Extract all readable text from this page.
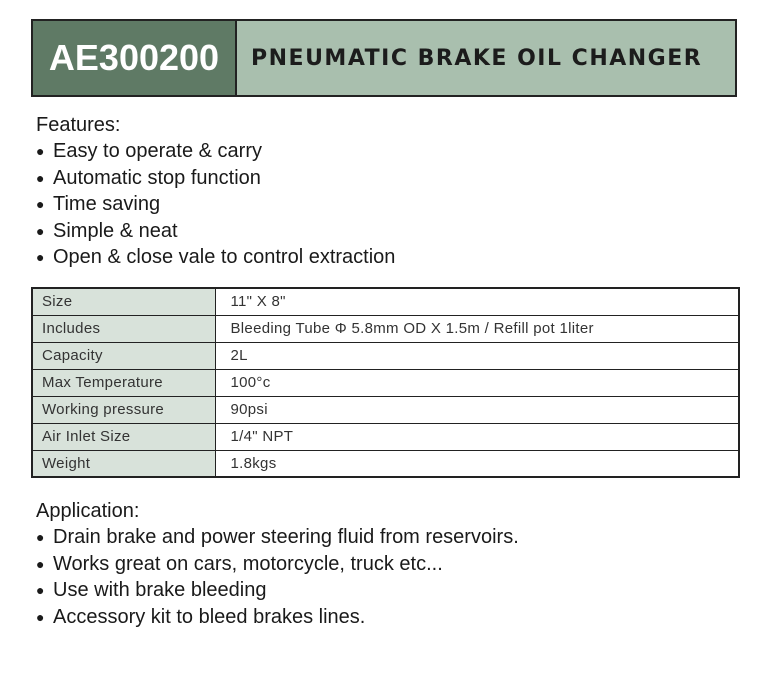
AE300200	PNEUMATIC BRAKE OIL CHANGER
Features:
● Easy to operate & carry
● Automatic stop function
● Time saving
● Simple & neat
● Open & close vale to control extraction
Size	11" X 8"
Includes	Bleeding Tube Φ 5.8mm OD X 1.5m / Refill pot 1liter
Capacity	2L
Max Temperature	100°c
Working pressure	90psi
Air Inlet Size	1/4" NPT
Weight	1.8kgs
Application:
● Drain brake and power steering fluid from reservoirs.
● Works great on cars, motorcycle, truck etc...
● Use with brake bleeding
● Accessory kit to bleed brakes lines.
